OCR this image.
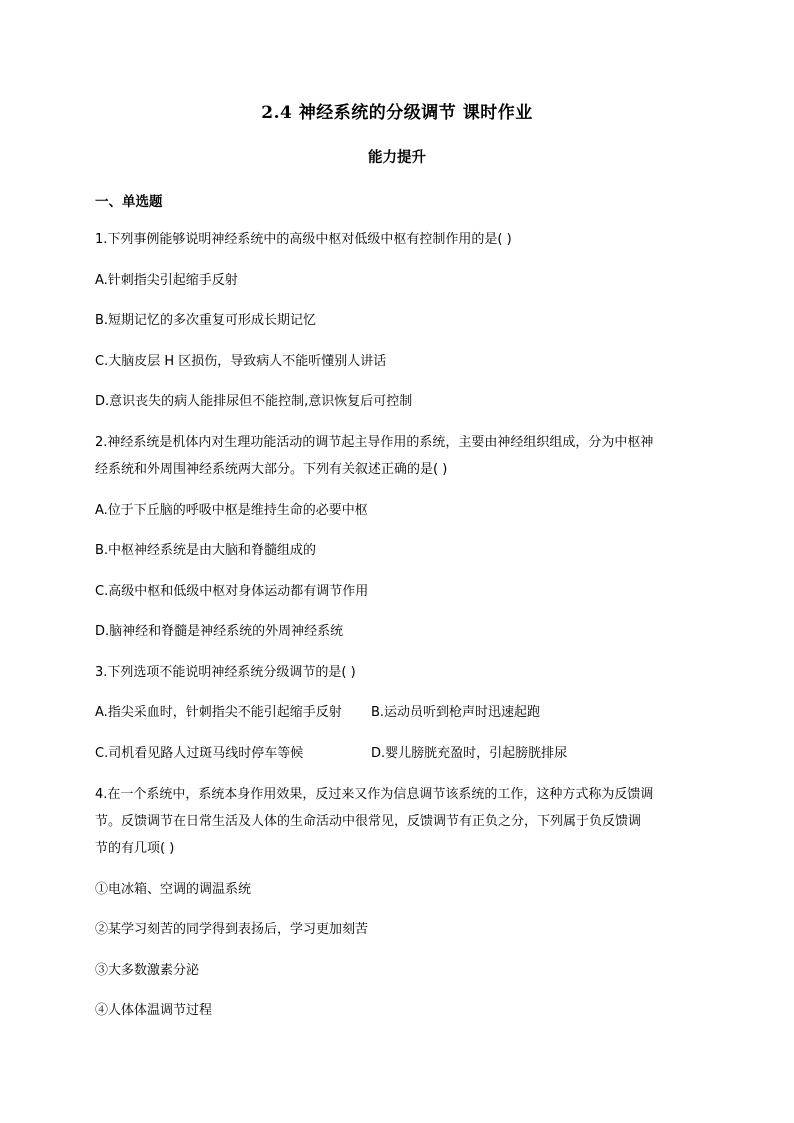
2.4 神经系统的分级调节 课时作业
能力提升
一、单选题
1.下列事例能够说明神经系统中的高级中枢对低级中枢有控制作用的是( )
A.针刺指尖引起缩手反射
B.短期记忆的多次重复可形成长期记忆
C.大脑皮层 H 区损伤，导致病人不能听懂别人讲话
D.意识丧失的病人能排尿但不能控制,意识恢复后可控制
2.神经系统是机体内对生理功能活动的调节起主导作用的系统，主要由神经组织组成，分为中枢神
经系统和外周围神经系统两大部分。下列有关叙述正确的是( )
A.位于下丘脑的呼吸中枢是维持生命的必要中枢
B.中枢神经系统是由大脑和脊髓组成的
C.高级中枢和低级中枢对身体运动都有调节作用
D.脑神经和脊髓是神经系统的外周神经系统
3.下列选项不能说明神经系统分级调节的是( )
A.指尖采血时，针刺指尖不能引起缩手反射 B.运动员听到枪声时迅速起跑
C.司机看见路人过斑马线时停车等候	D.婴儿膀胱充盈时，引起膀胱排尿
4.在一个系统中，系统本身作用效果，反过来又作为信息调节该系统的工作，这种方式称为反馈调
节。反馈调节在日常生活及人体的生命活动中很常见，反馈调节有正负之分，下列属于负反馈调
节的有几项( )
①电冰箱、空调的调温系统
②某学习刻苦的同学得到表扬后，学习更加刻苦
③大多数激素分泌
④人体体温调节过程
